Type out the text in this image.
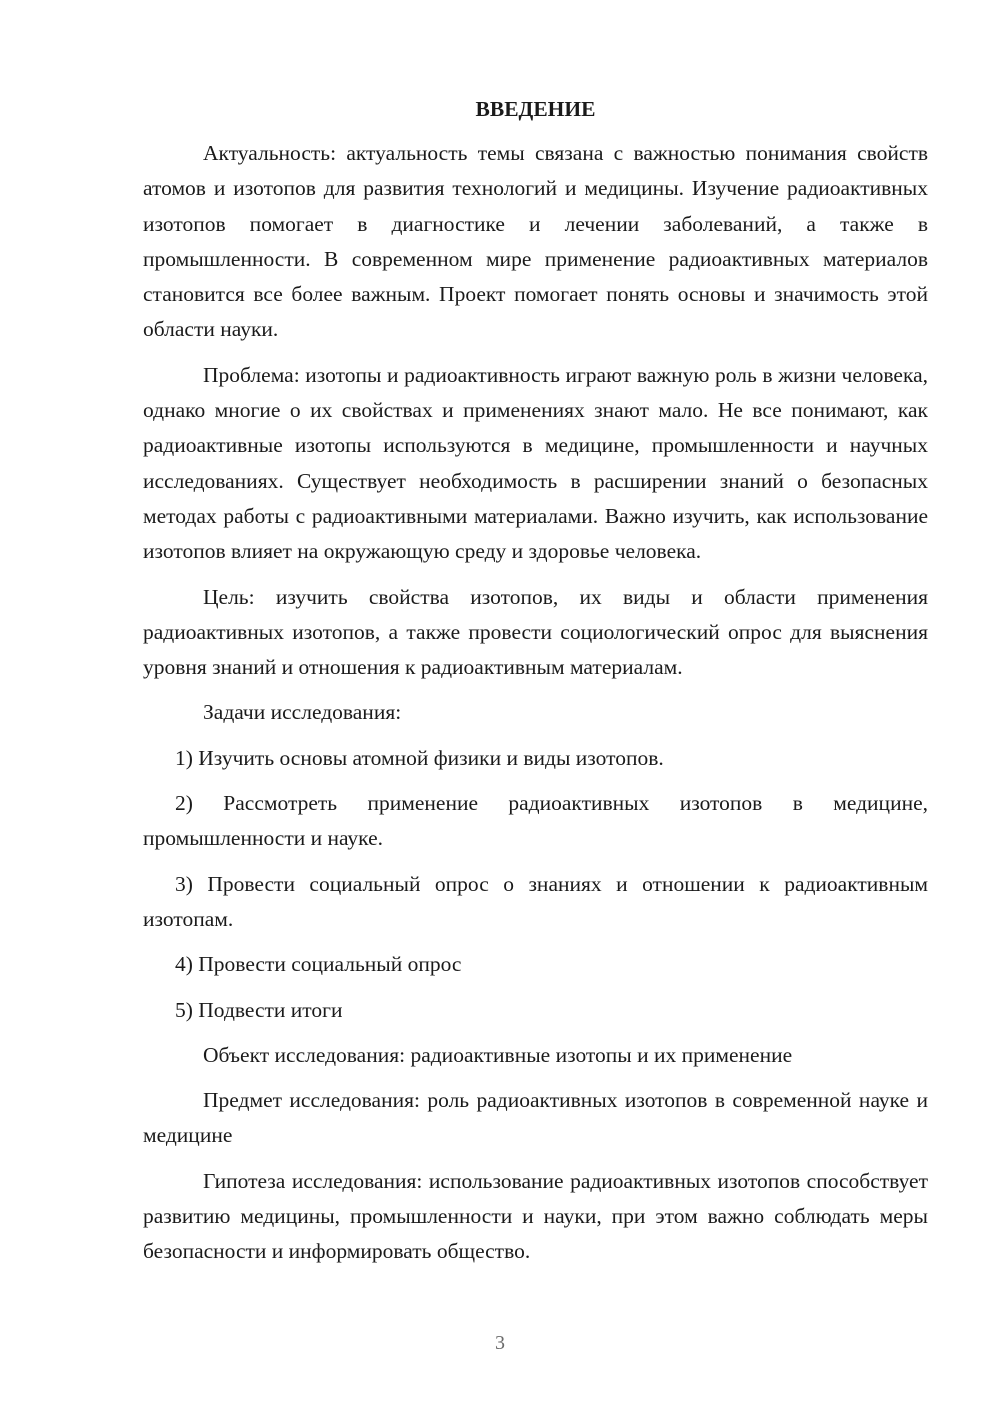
ВВЕДЕНИЕ
Актуальность: актуальность темы связана с важностью понимания свойств атомов и изотопов для развития технологий и медицины. Изучение радиоактивных изотопов помогает в диагностике и лечении заболеваний, а также в промышленности. В современном мире применение радиоактивных материалов становится все более важным. Проект помогает понять основы и значимость этой области науки.
Проблема: изотопы и радиоактивность играют важную роль в жизни человека, однако многие о их свойствах и применениях знают мало. Не все понимают, как радиоактивные изотопы используются в медицине, промышленности и научных исследованиях. Существует необходимость в расширении знаний о безопасных методах работы с радиоактивными материалами. Важно изучить, как использование изотопов влияет на окружающую среду и здоровье человека.
Цель: изучить свойства изотопов, их виды и области применения радиоактивных изотопов, а также провести социологический опрос для выяснения уровня знаний и отношения к радиоактивным материалам.
Задачи исследования:
1) Изучить основы атомной физики и виды изотопов.
2) Рассмотреть применение радиоактивных изотопов в медицине, промышленности и науке.
3) Провести социальный опрос о знаниях и отношении к радиоактивным изотопам.
4) Провести социальный опрос
5) Подвести итоги
Объект исследования: радиоактивные изотопы и их применение
Предмет исследования: роль радиоактивных изотопов в современной науке и медицине
Гипотеза исследования: использование радиоактивных изотопов способствует развитию медицины, промышленности и науки, при этом важно соблюдать меры безопасности и информировать общество.
3
